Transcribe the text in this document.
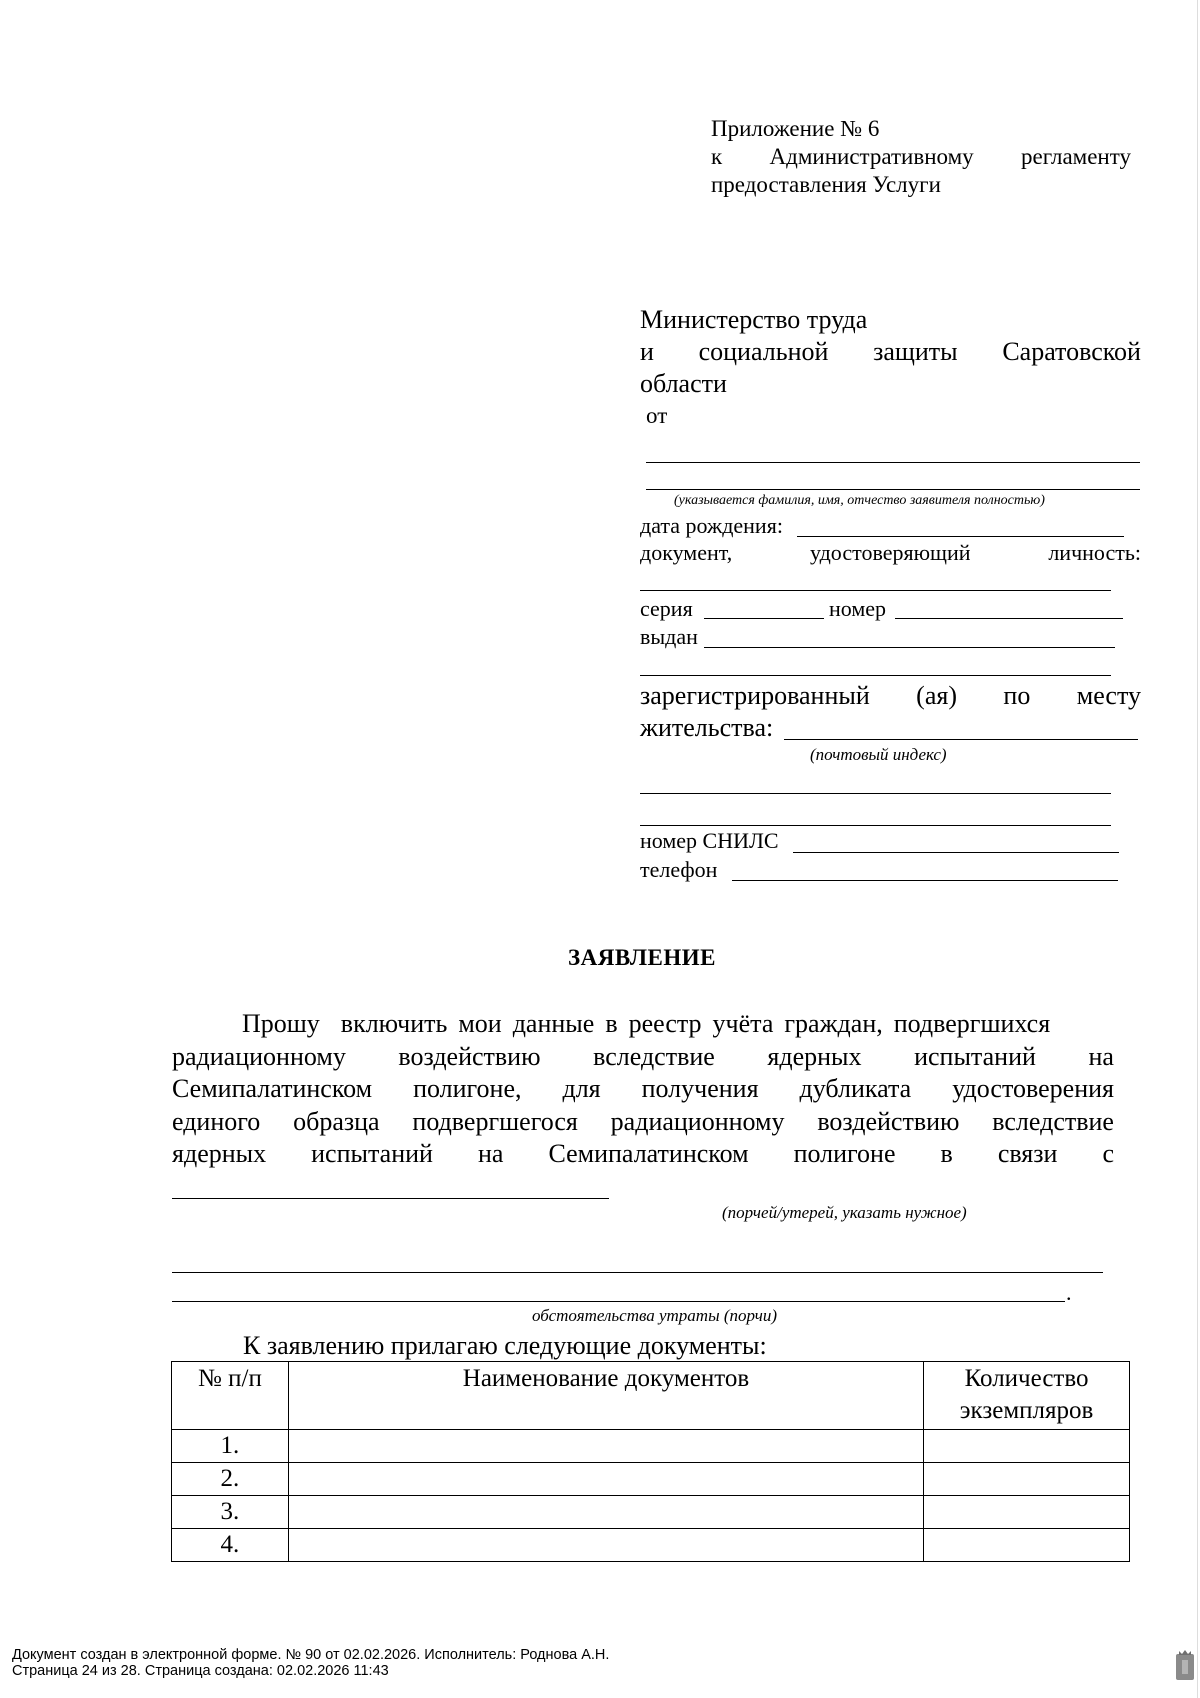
Приложение № 6
к Административному регламенту
предоставления Услуги
Министерство труда
и социальной защиты Саратовской
области
от
(указывается фамилия, имя, отчество заявителя полностью)
дата рождения:
документ,	удостоверяющий	личность:
серия	номер
выдан
зарегистрированный (ая) по месту
жительства:
(почтовый индекс)
номер СНИЛС
телефон
ЗАЯВЛЕНИЕ
Прошу включить мои данные в реестр учёта граждан, подвергшихся
радиационному воздействию вследствие ядерных испытаний на
Семипалатинском полигоне, для получения дубликата удостоверения
единого образца подвергшегося радиационному воздействию вследствие
ядерных испытаний на Семипалатинском полигоне в связи с
(порчей/утерей, указать нужное)
.
обстоятельства утраты (порчи)
К заявлению прилагаю следующие документы:
№ п/п	Наименование документов	Количество экземпляров
1.		
2.		
3.		
4.		
Документ создан в электронной форме. № 90 от 02.02.2026. Исполнитель: Роднова А.Н.
Страница 24 из 28. Страница создана: 02.02.2026 11:43
